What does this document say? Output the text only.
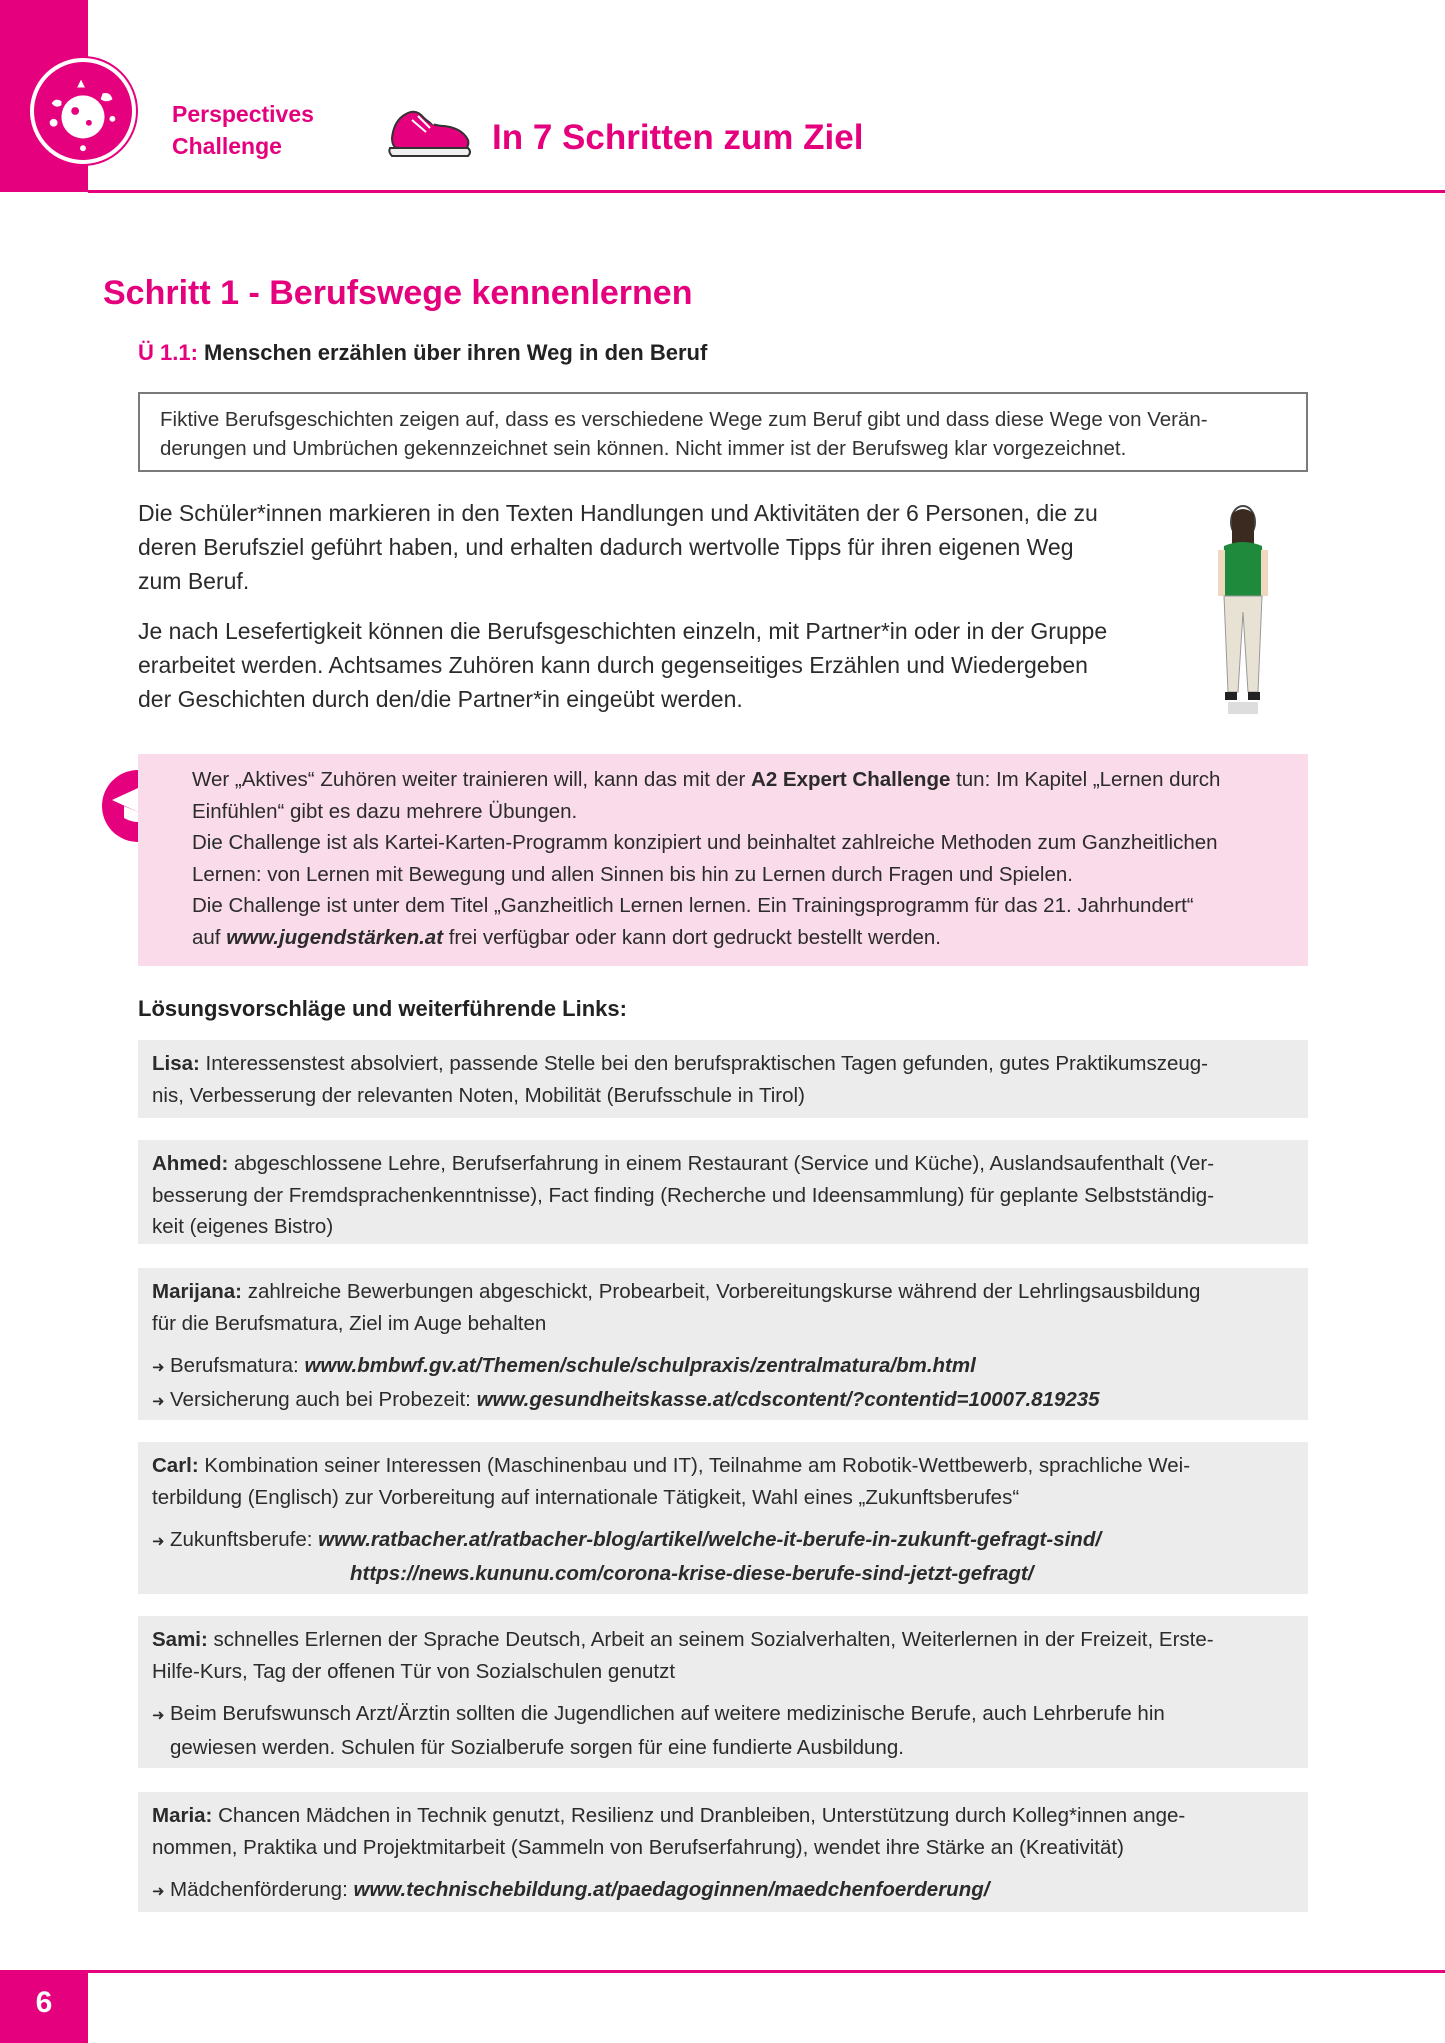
Perspectives
Challenge	In 7 Schritten zum Ziel
Schritt 1 - Berufswege kennenlernen
Ü 1.1: Menschen erzählen über ihren Weg in den Beruf
Fiktive Berufsgeschichten zeigen auf, dass es verschiedene Wege zum Beruf gibt und dass diese Wege von Verän-
derungen und Umbrüchen gekennzeichnet sein können. Nicht immer ist der Berufsweg klar vorgezeichnet.
Die Schüler*innen markieren in den Texten Handlungen und Aktivitäten der 6 Personen, die zu
deren Berufsziel geführt haben, und erhalten dadurch wertvolle Tipps für ihren eigenen Weg
zum Beruf.
Je nach Lesefertigkeit können die Berufsgeschichten einzeln, mit Partner*in oder in der Gruppe
erarbeitet werden. Achtsames Zuhören kann durch gegenseitiges Erzählen und Wiedergeben
der Geschichten durch den/die Partner*in eingeübt werden.
Wer „Aktives“ Zuhören weiter trainieren will, kann das mit der A2 Expert Challenge tun: Im Kapitel „Lernen durch
Einfühlen“ gibt es dazu mehrere Übungen.
Die Challenge ist als Kartei-Karten-Programm konzipiert und beinhaltet zahlreiche Methoden zum Ganzheitlichen
Lernen: von Lernen mit Bewegung und allen Sinnen bis hin zu Lernen durch Fragen und Spielen.
Die Challenge ist unter dem Titel „Ganzheitlich Lernen lernen. Ein Trainingsprogramm für das 21. Jahrhundert“
auf www.jugendstärken.at frei verfügbar oder kann dort gedruckt bestellt werden.
Lösungsvorschläge und weiterführende Links:
Lisa: Interessenstest absolviert, passende Stelle bei den berufspraktischen Tagen gefunden, gutes Praktikumszeug-
nis, Verbesserung der relevanten Noten, Mobilität (Berufsschule in Tirol)
Ahmed: abgeschlossene Lehre, Berufserfahrung in einem Restaurant (Service und Küche), Auslandsaufenthalt (Ver-
besserung der Fremdsprachenkenntnisse), Fact finding (Recherche und Ideensammlung) für geplante Selbstständig-
keit (eigenes Bistro)
Marijana: zahlreiche Bewerbungen abgeschickt, Probearbeit, Vorbereitungskurse während der Lehrlingsausbildung
für die Berufsmatura, Ziel im Auge behalten
➜ Berufsmatura: www.bmbwf.gv.at/Themen/schule/schulpraxis/zentralmatura/bm.html
➜ Versicherung auch bei Probezeit: www.gesundheitskasse.at/cdscontent/?contentid=10007.819235
Carl: Kombination seiner Interessen (Maschinenbau und IT), Teilnahme am Robotik-Wettbewerb, sprachliche Wei-
terbildung (Englisch) zur Vorbereitung auf internationale Tätigkeit, Wahl eines „Zukunftsberufes“
➜ Zukunftsberufe: www.ratbacher.at/ratbacher-blog/artikel/welche-it-berufe-in-zukunft-gefragt-sind/
https://news.kununu.com/corona-krise-diese-berufe-sind-jetzt-gefragt/
Sami: schnelles Erlernen der Sprache Deutsch, Arbeit an seinem Sozialverhalten, Weiterlernen in der Freizeit, Erste-
Hilfe-Kurs, Tag der offenen Tür von Sozialschulen genutzt
➜ Beim Berufswunsch Arzt/Ärztin sollten die Jugendlichen auf weitere medizinische Berufe, auch Lehrberufe hin
gewiesen werden. Schulen für Sozialberufe sorgen für eine fundierte Ausbildung.
Maria: Chancen Mädchen in Technik genutzt, Resilienz und Dranbleiben, Unterstützung durch Kolleg*innen ange-
nommen, Praktika und Projektmitarbeit (Sammeln von Berufserfahrung), wendet ihre Stärke an (Kreativität)
➜ Mädchenförderung: www.technischebildung.at/paedagoginnen/maedchenfoerderung/
6
